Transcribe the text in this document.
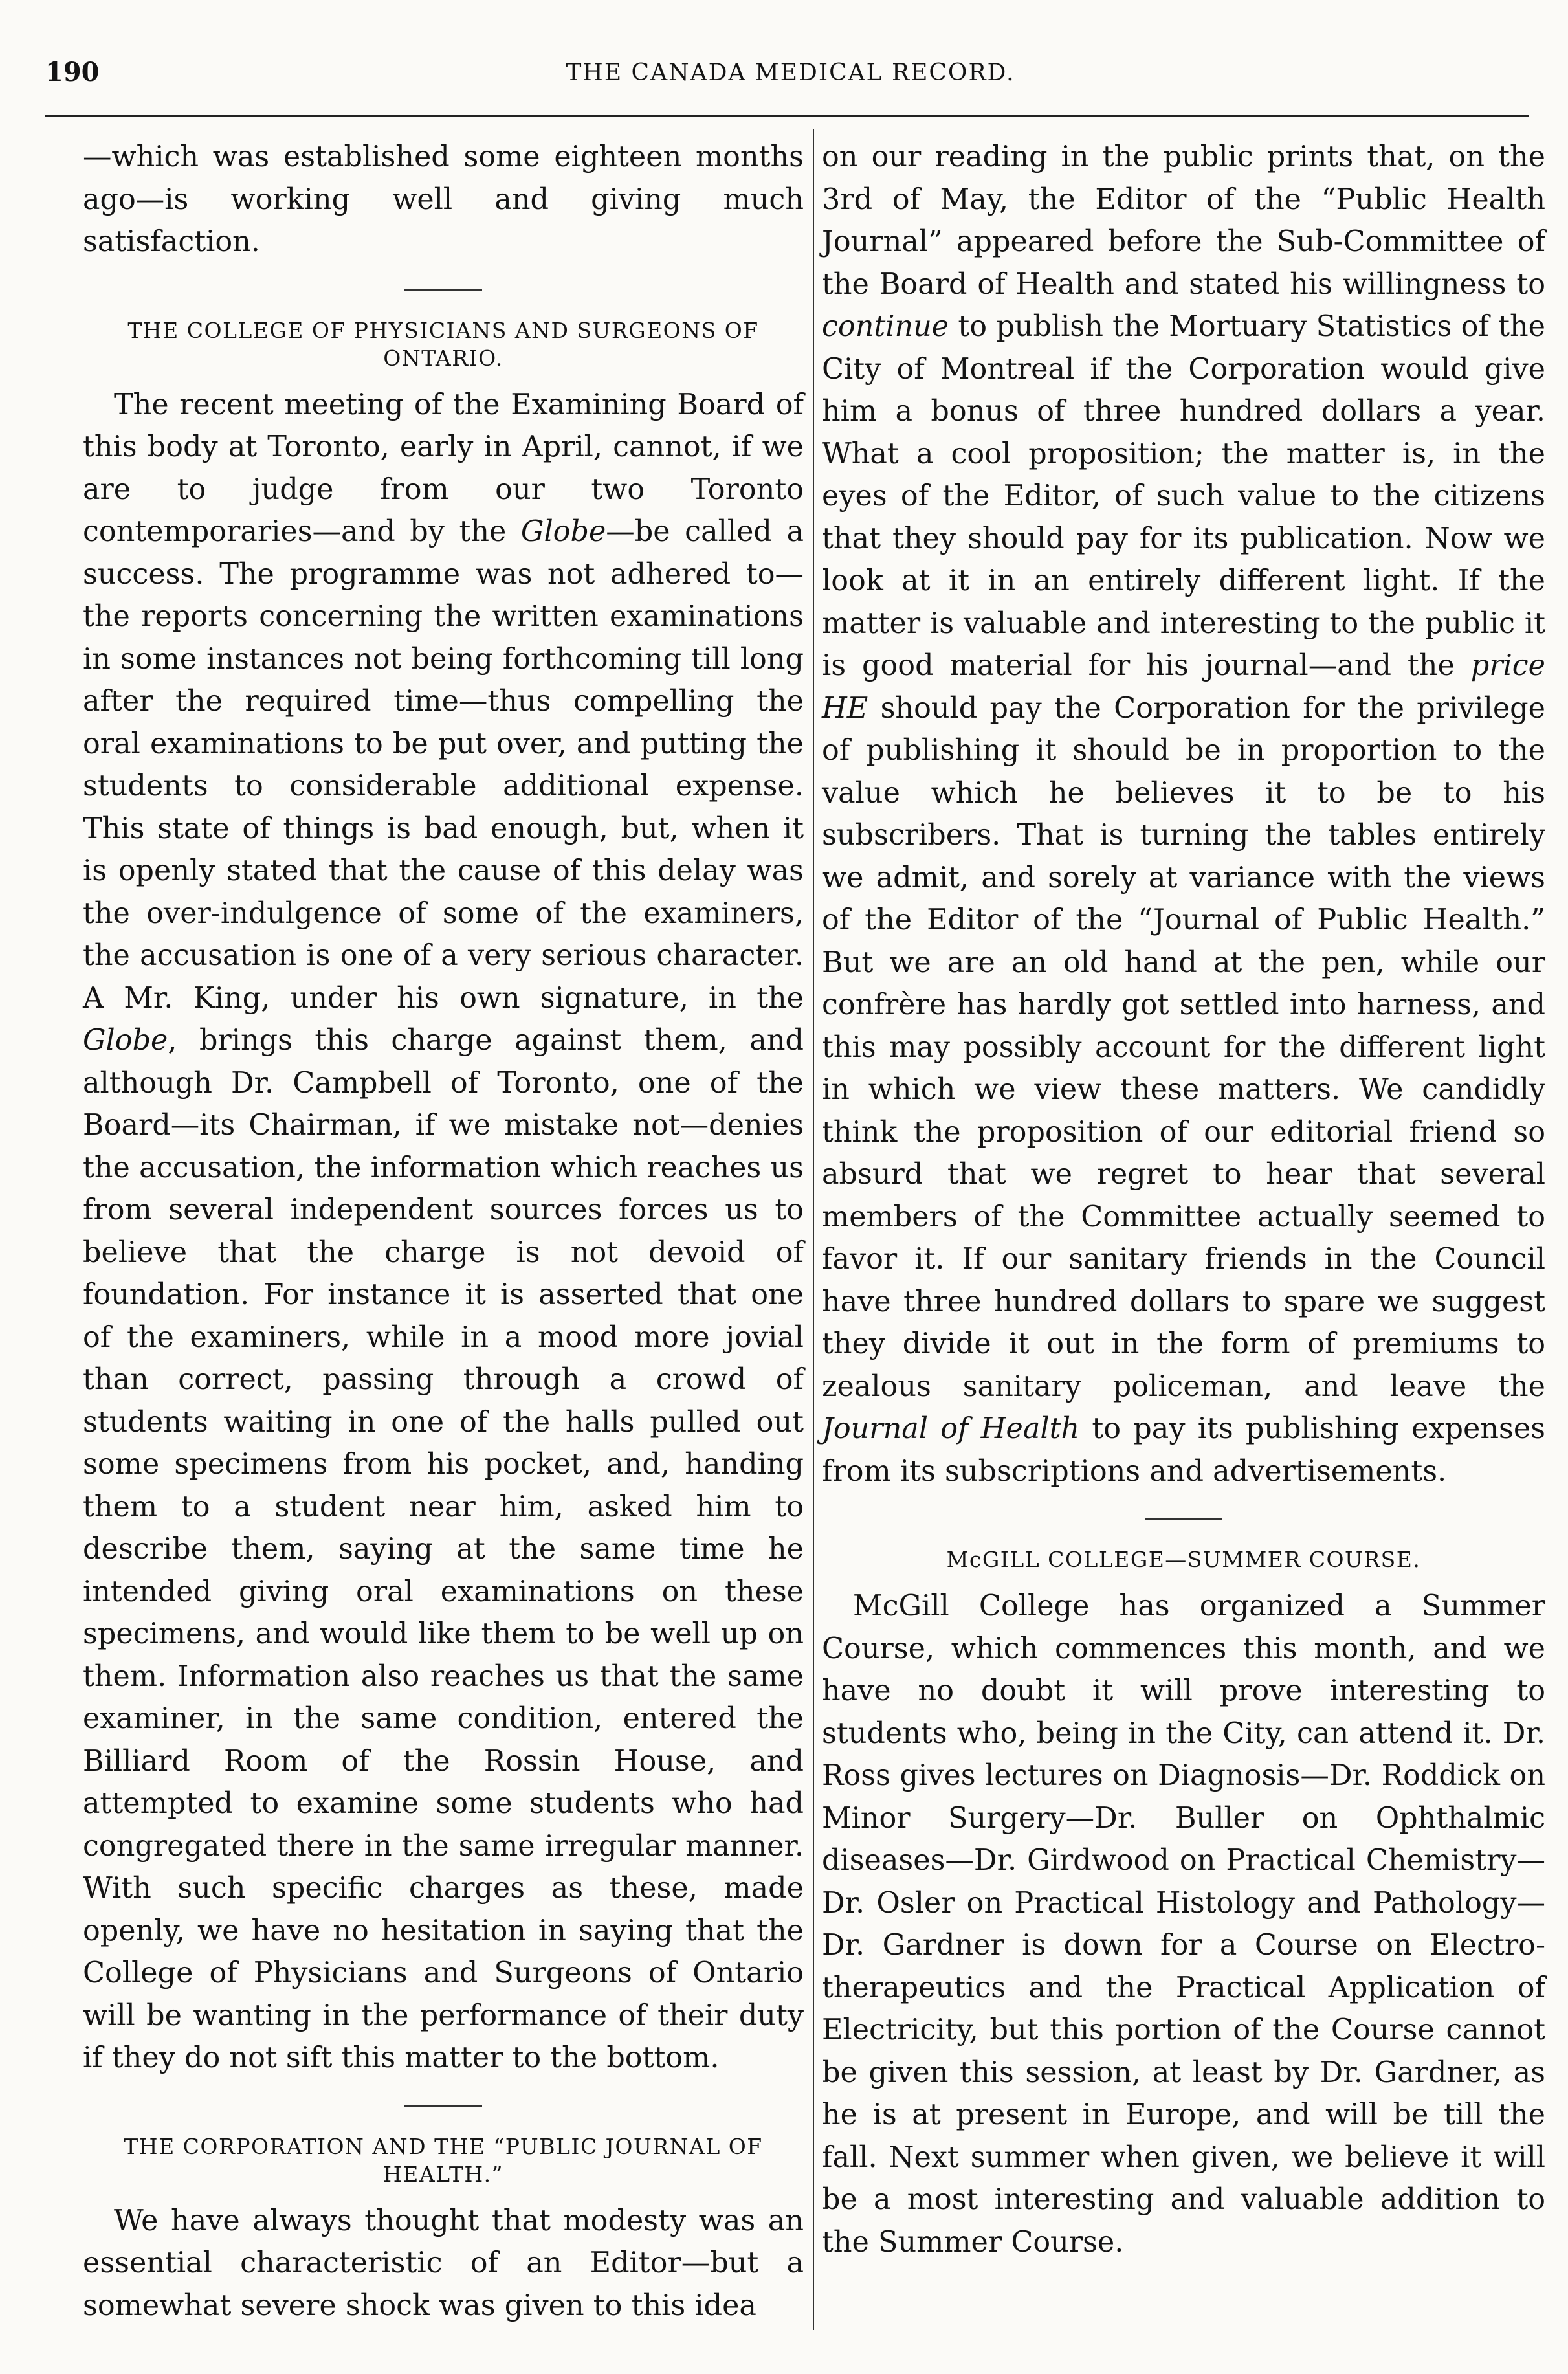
190	THE CANADA MEDICAL RECORD.

—which was established some eighteen months ago—is working well and giving much satisfaction.

THE COLLEGE OF PHYSICIANS AND SURGEONS OF ONTARIO.

The recent meeting of the Examining Board of this body at Toronto, early in April, cannot, if we are to judge from our two Toronto contemporaries—and by the Globe—be called a success. The programme was not adhered to—the reports concerning the written examinations in some instances not being forthcoming till long after the required time—thus compelling the oral examinations to be put over, and putting the students to considerable additional expense. This state of things is bad enough, but, when it is openly stated that the cause of this delay was the over-indulgence of some of the examiners, the accusation is one of a very serious character. A Mr. King, under his own signature, in the Globe, brings this charge against them, and although Dr. Campbell of Toronto, one of the Board—its Chairman, if we mistake not—denies the accusation, the information which reaches us from several independent sources forces us to believe that the charge is not devoid of foundation. For instance it is asserted that one of the examiners, while in a mood more jovial than correct, passing through a crowd of students waiting in one of the halls pulled out some specimens from his pocket, and, handing them to a student near him, asked him to describe them, saying at the same time he intended giving oral examinations on these specimens, and would like them to be well up on them. Information also reaches us that the same examiner, in the same condition, entered the Billiard Room of the Rossin House, and attempted to examine some students who had congregated there in the same irregular manner. With such specific charges as these, made openly, we have no hesitation in saying that the College of Physicians and Surgeons of Ontario will be wanting in the performance of their duty if they do not sift this matter to the bottom.

THE CORPORATION AND THE “PUBLIC JOURNAL OF HEALTH.”

We have always thought that modesty was an essential characteristic of an Editor—but a somewhat severe shock was given to this idea

on our reading in the public prints that, on the 3rd of May, the Editor of the “Public Health Journal” appeared before the Sub-Committee of the Board of Health and stated his willingness to continue to publish the Mortuary Statistics of the City of Montreal if the Corporation would give him a bonus of three hundred dollars a year. What a cool proposition; the matter is, in the eyes of the Editor, of such value to the citizens that they should pay for its publication. Now we look at it in an entirely different light. If the matter is valuable and interesting to the public it is good material for his journal—and the price HE should pay the Corporation for the privilege of publishing it should be in proportion to the value which he believes it to be to his subscribers. That is turning the tables entirely we admit, and sorely at variance with the views of the Editor of the “Journal of Public Health.” But we are an old hand at the pen, while our confrère has hardly got settled into harness, and this may possibly account for the different light in which we view these matters. We candidly think the proposition of our editorial friend so absurd that we regret to hear that several members of the Committee actually seemed to favor it. If our sanitary friends in the Council have three hundred dollars to spare we suggest they divide it out in the form of premiums to zealous sanitary policeman, and leave the Journal of Health to pay its publishing expenses from its subscriptions and advertisements.

McGILL COLLEGE—SUMMER COURSE.

McGill College has organized a Summer Course, which commences this month, and we have no doubt it will prove interesting to students who, being in the City, can attend it. Dr. Ross gives lectures on Diagnosis—Dr. Roddick on Minor Surgery—Dr. Buller on Ophthalmic diseases—Dr. Girdwood on Practical Chemistry—Dr. Osler on Practical Histology and Pathology—Dr. Gardner is down for a Course on Electro-therapeutics and the Practical Application of Electricity, but this portion of the Course cannot be given this session, at least by Dr. Gardner, as he is at present in Europe, and will be till the fall. Next summer when given, we believe it will be a most interesting and valuable addition to the Summer Course.
